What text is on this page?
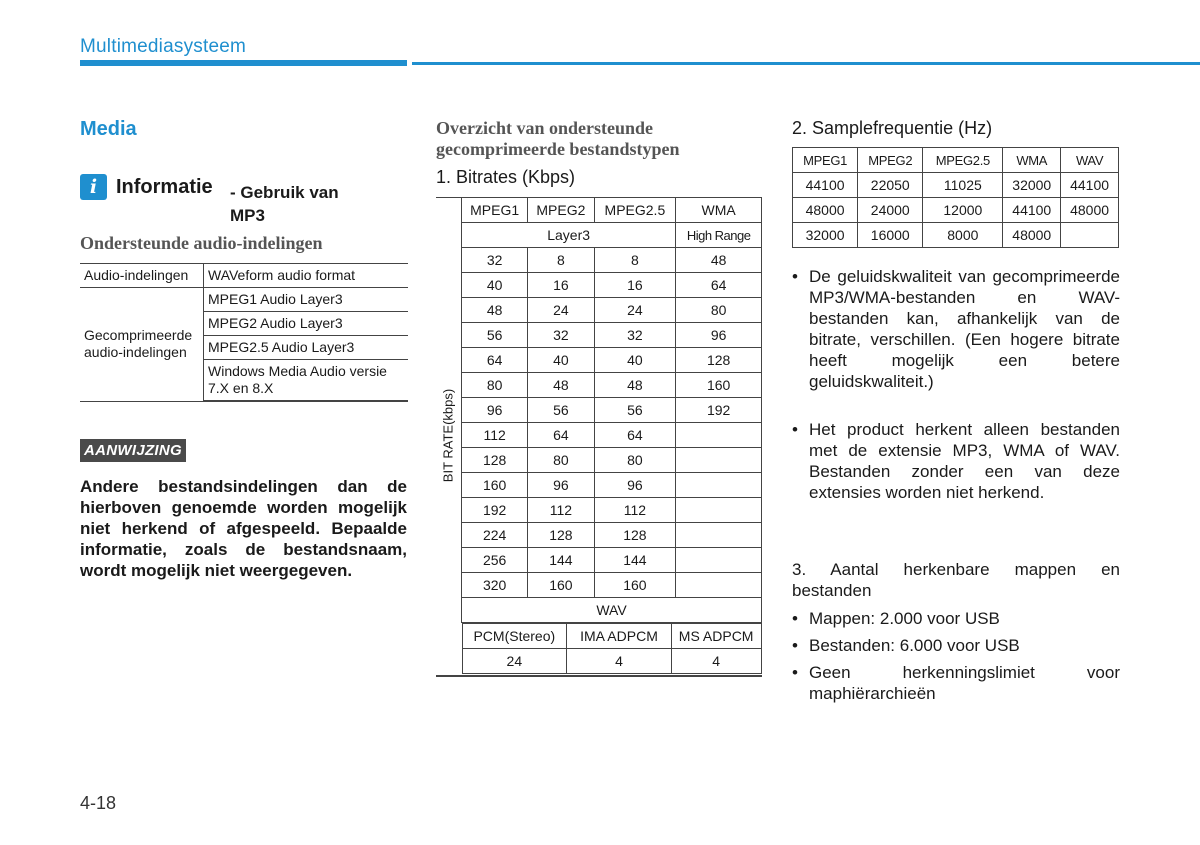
Multimediasysteem
Media
i Informatie - Gebruik van MP3
Ondersteunde audio-indelingen
Audio-indelingen	WAVeform audio format
Gecomprimeerde audio-indelingen	MPEG1 Audio Layer3
	MPEG2 Audio Layer3
	MPEG2.5 Audio Layer3
	Windows Media Audio versie 7.X en 8.X
AANWIJZING
Andere bestandsindelingen dan de hierboven genoemde worden mogelijk niet herkend of afgespeeld. Bepaalde informatie, zoals de bestandsnaam, wordt mogelijk niet weergegeven.
Overzicht van ondersteunde gecomprimeerde bestandstypen
1. Bitrates (Kbps)
BIT RATE(kbps)
MPEG1	MPEG2	MPEG2.5	WMA
Layer3	High Range
32	8	8	48
40	16	16	64
48	24	24	80
56	32	32	96
64	40	40	128
80	48	48	160
96	56	56	192
112	64	64	
128	80	80	
160	96	96	
192	112	112	
224	128	128	
256	144	144	
320	160	160	
WAV

PCM(Stereo)	IMA ADPCM	MS ADPCM
24	4	4
2. Samplefrequentie (Hz)
MPEG1	MPEG2	MPEG2.5	WMA	WAV
44100	22050	11025	32000	44100
48000	24000	12000	44100	48000
32000	16000	8000	48000	
• De geluidskwaliteit van gecomprimeerde MP3/WMA-bestanden en WAV-bestanden kan, afhankelijk van de bitrate, verschillen. (Een hogere bitrate heeft mogelijk een betere geluidskwaliteit.)
• Het product herkent alleen bestanden met de extensie MP3, WMA of WAV. Bestanden zonder een van deze extensies worden niet herkend.
3. Aantal herkenbare mappen en bestanden
• Mappen: 2.000 voor USB
• Bestanden: 6.000 voor USB
• Geen herkenningslimiet voor maphiërarchieën
4-18
